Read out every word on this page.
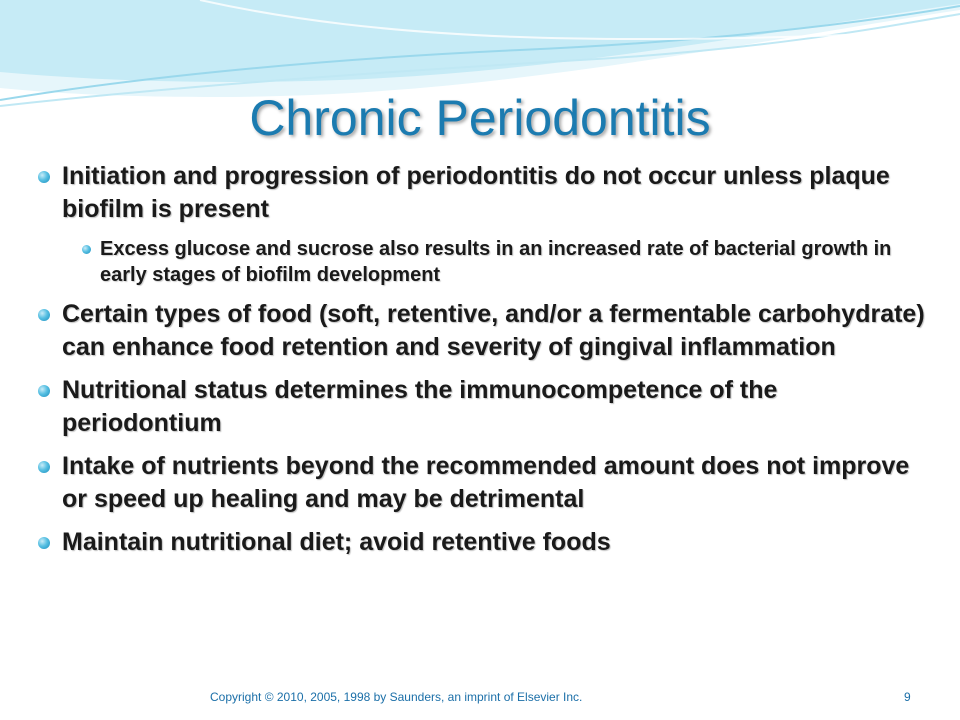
Chronic Periodontitis

Initiation and progression of periodontitis do not occur unless plaque biofilm is present

Excess glucose and sucrose also results in an increased rate of bacterial growth in early stages of biofilm development

Certain types of food (soft, retentive, and/or a fermentable carbohydrate) can enhance food retention and severity of gingival inflammation

Nutritional status determines the immunocompetence of the periodontium

Intake of nutrients beyond the recommended amount does not improve or speed up healing and may be detrimental

Maintain nutritional diet; avoid retentive foods

Copyright © 2010, 2005, 1998 by Saunders, an imprint of Elsevier Inc.	9
